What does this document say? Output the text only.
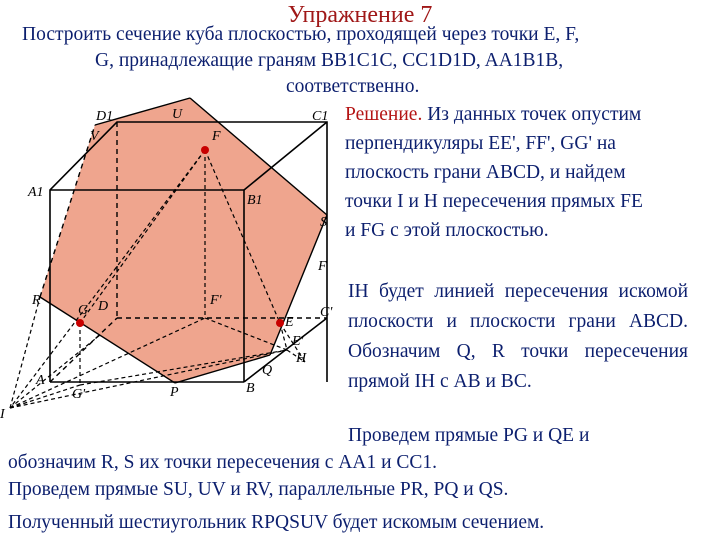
Упражнение 7
Построить сечение куба плоскостью, проходящей через точки E, F,
G, принадлежащие граням BB1C1C, CC1D1D, AA1B1B,
соответственно.
Решение. Из данных точек опустим
перпендикуляры EE', FF', GG' на
плоскость грани ABCD, и найдем
точки I и H пересечения прямых FE
и FG с этой плоскостью.
IH будет линией пересечения искомой плоскости и плоскости грани ABCD. Обозначим Q, R точки пересечения прямой IH с AB и BC.
Проведем прямые PG и QE и
обозначим R, S их точки пересечения с AA1 и CC1.
Проведем прямые SU, UV и RV, параллельные PR, PQ и QS.
Полученный шестиугольник RPQSUV будет искомым сечением.
D1	U	C1
V	F
A1
B1
S
F
R
G D	F'
C'
E
E'
H
Q
A
G'	P	B
I
